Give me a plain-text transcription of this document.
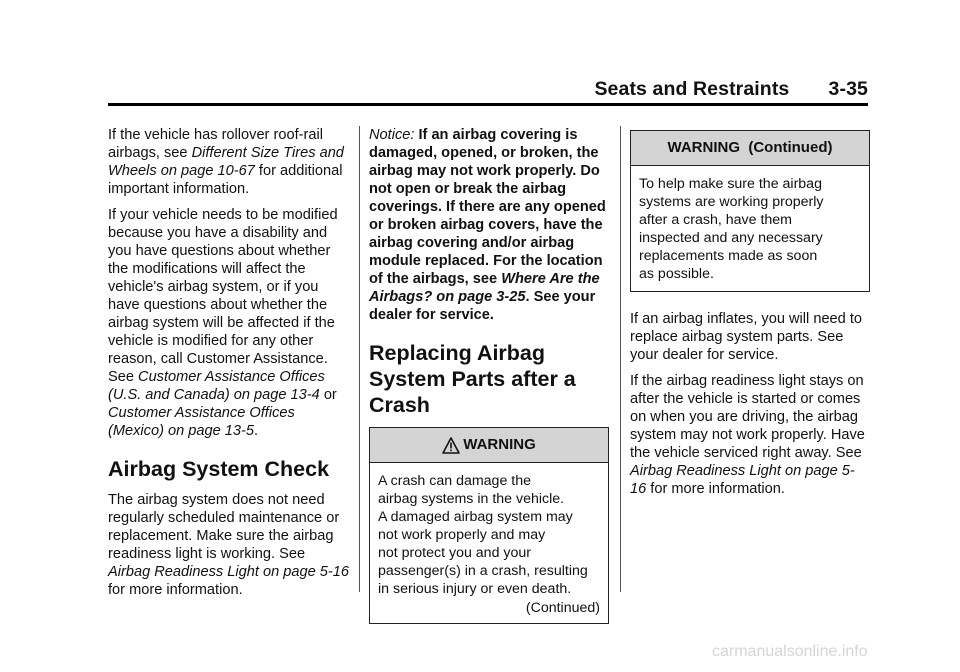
Seats and Restraints  3-35

If the vehicle has rollover roof-rail airbags, see Different Size Tires and Wheels on page 10-67 for additional important information.

If your vehicle needs to be modified because you have a disability and you have questions about whether the modifications will affect the vehicle's airbag system, or if you have questions about whether the airbag system will be affected if the vehicle is modified for any other reason, call Customer Assistance. See Customer Assistance Offices (U.S. and Canada) on page 13-4 or Customer Assistance Offices (Mexico) on page 13-5.

Airbag System Check

The airbag system does not need regularly scheduled maintenance or replacement. Make sure the airbag readiness light is working. See Airbag Readiness Light on page 5-16 for more information.

Notice: If an airbag covering is damaged, opened, or broken, the airbag may not work properly. Do not open or break the airbag coverings. If there are any opened or broken airbag covers, have the airbag covering and/or airbag module replaced. For the location of the airbags, see Where Are the Airbags? on page 3-25. See your dealer for service.

Replacing Airbag System Parts after a Crash
WARNING
A crash can damage the
airbag systems in the vehicle.
A damaged airbag system may
not work properly and may
not protect you and your
passenger(s) in a crash, resulting
in serious injury or even death.
(Continued)
WARNING  (Continued)
To help make sure the airbag
systems are working properly
after a crash, have them
inspected and any necessary
replacements made as soon
as possible.

If an airbag inflates, you will need to replace airbag system parts. See your dealer for service.

If the airbag readiness light stays on after the vehicle is started or comes on when you are driving, the airbag system may not work properly. Have the vehicle serviced right away. See Airbag Readiness Light on page 5-16 for more information.

carmanualsonline.info
